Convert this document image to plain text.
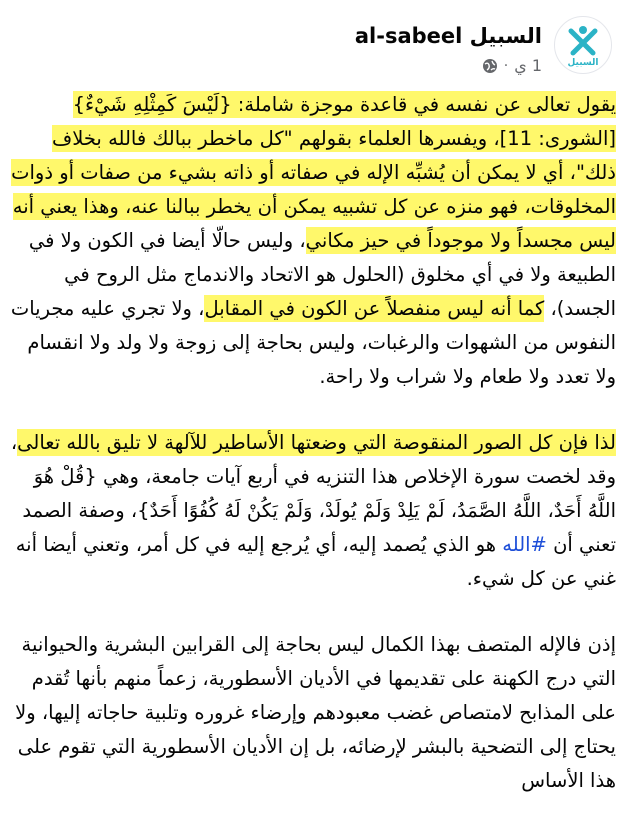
السبيل
al-sabeel السبيل
1 ي
·

يقول تعالى عن نفسه في قاعدة موجزة شاملة: {لَيْسَ كَمِثْلِهِ شَيْءٌ} [الشورى: 11]، ويفسرها العلماء بقولهم "كل ماخطر ببالك فالله بخلاف ذلك"، أي لا يمكن أن يُشبِّه الإله في صفاته أو ذاته بشيء من صفات أو ذوات المخلوقات، فهو منزه عن كل تشبيه يمكن أن يخطر ببالنا عنه، وهذا يعني أنه ليس مجسداً ولا موجوداً في حيز مكاني، وليس حالّا أيضا في الكون ولا في الطبيعة ولا في أي مخلوق (الحلول هو الاتحاد والاندماج مثل الروح في الجسد)، كما أنه ليس منفصلاً عن الكون في المقابل، ولا تجري عليه مجريات النفوس من الشهوات والرغبات، وليس بحاجة إلى زوجة ولا ولد ولا انقسام ولا تعدد ولا طعام ولا شراب ولا راحة.

لذا فإن كل الصور المنقوصة التي وضعتها الأساطير للآلهة لا تليق بالله تعالى، وقد لخصت سورة الإخلاص هذا التنزيه في أربع آيات جامعة، وهي {قُلْ هُوَ اللَّهُ أَحَدٌ، اللَّهُ الصَّمَدُ، لَمْ يَلِدْ وَلَمْ يُولَدْ، وَلَمْ يَكُنْ لَهُ كُفُوًا أَحَدٌ}، وصفة الصمد تعني أن #الله هو الذي يُصمد إليه، أي يُرجع إليه في كل أمر، وتعني أيضا أنه غني عن كل شيء.

إذن فالإله المتصف بهذا الكمال ليس بحاجة إلى القرابين البشرية والحيوانية التي درج الكهنة على تقديمها في الأديان الأسطورية، زعماً منهم بأنها تُقدم على المذابح لامتصاص غضب معبودهم وإرضاء غروره وتلبية حاجاته إليها، ولا يحتاج إلى التضحية بالبشر لإرضائه، بل إن الأديان الأسطورية التي تقوم على هذا الأساس
